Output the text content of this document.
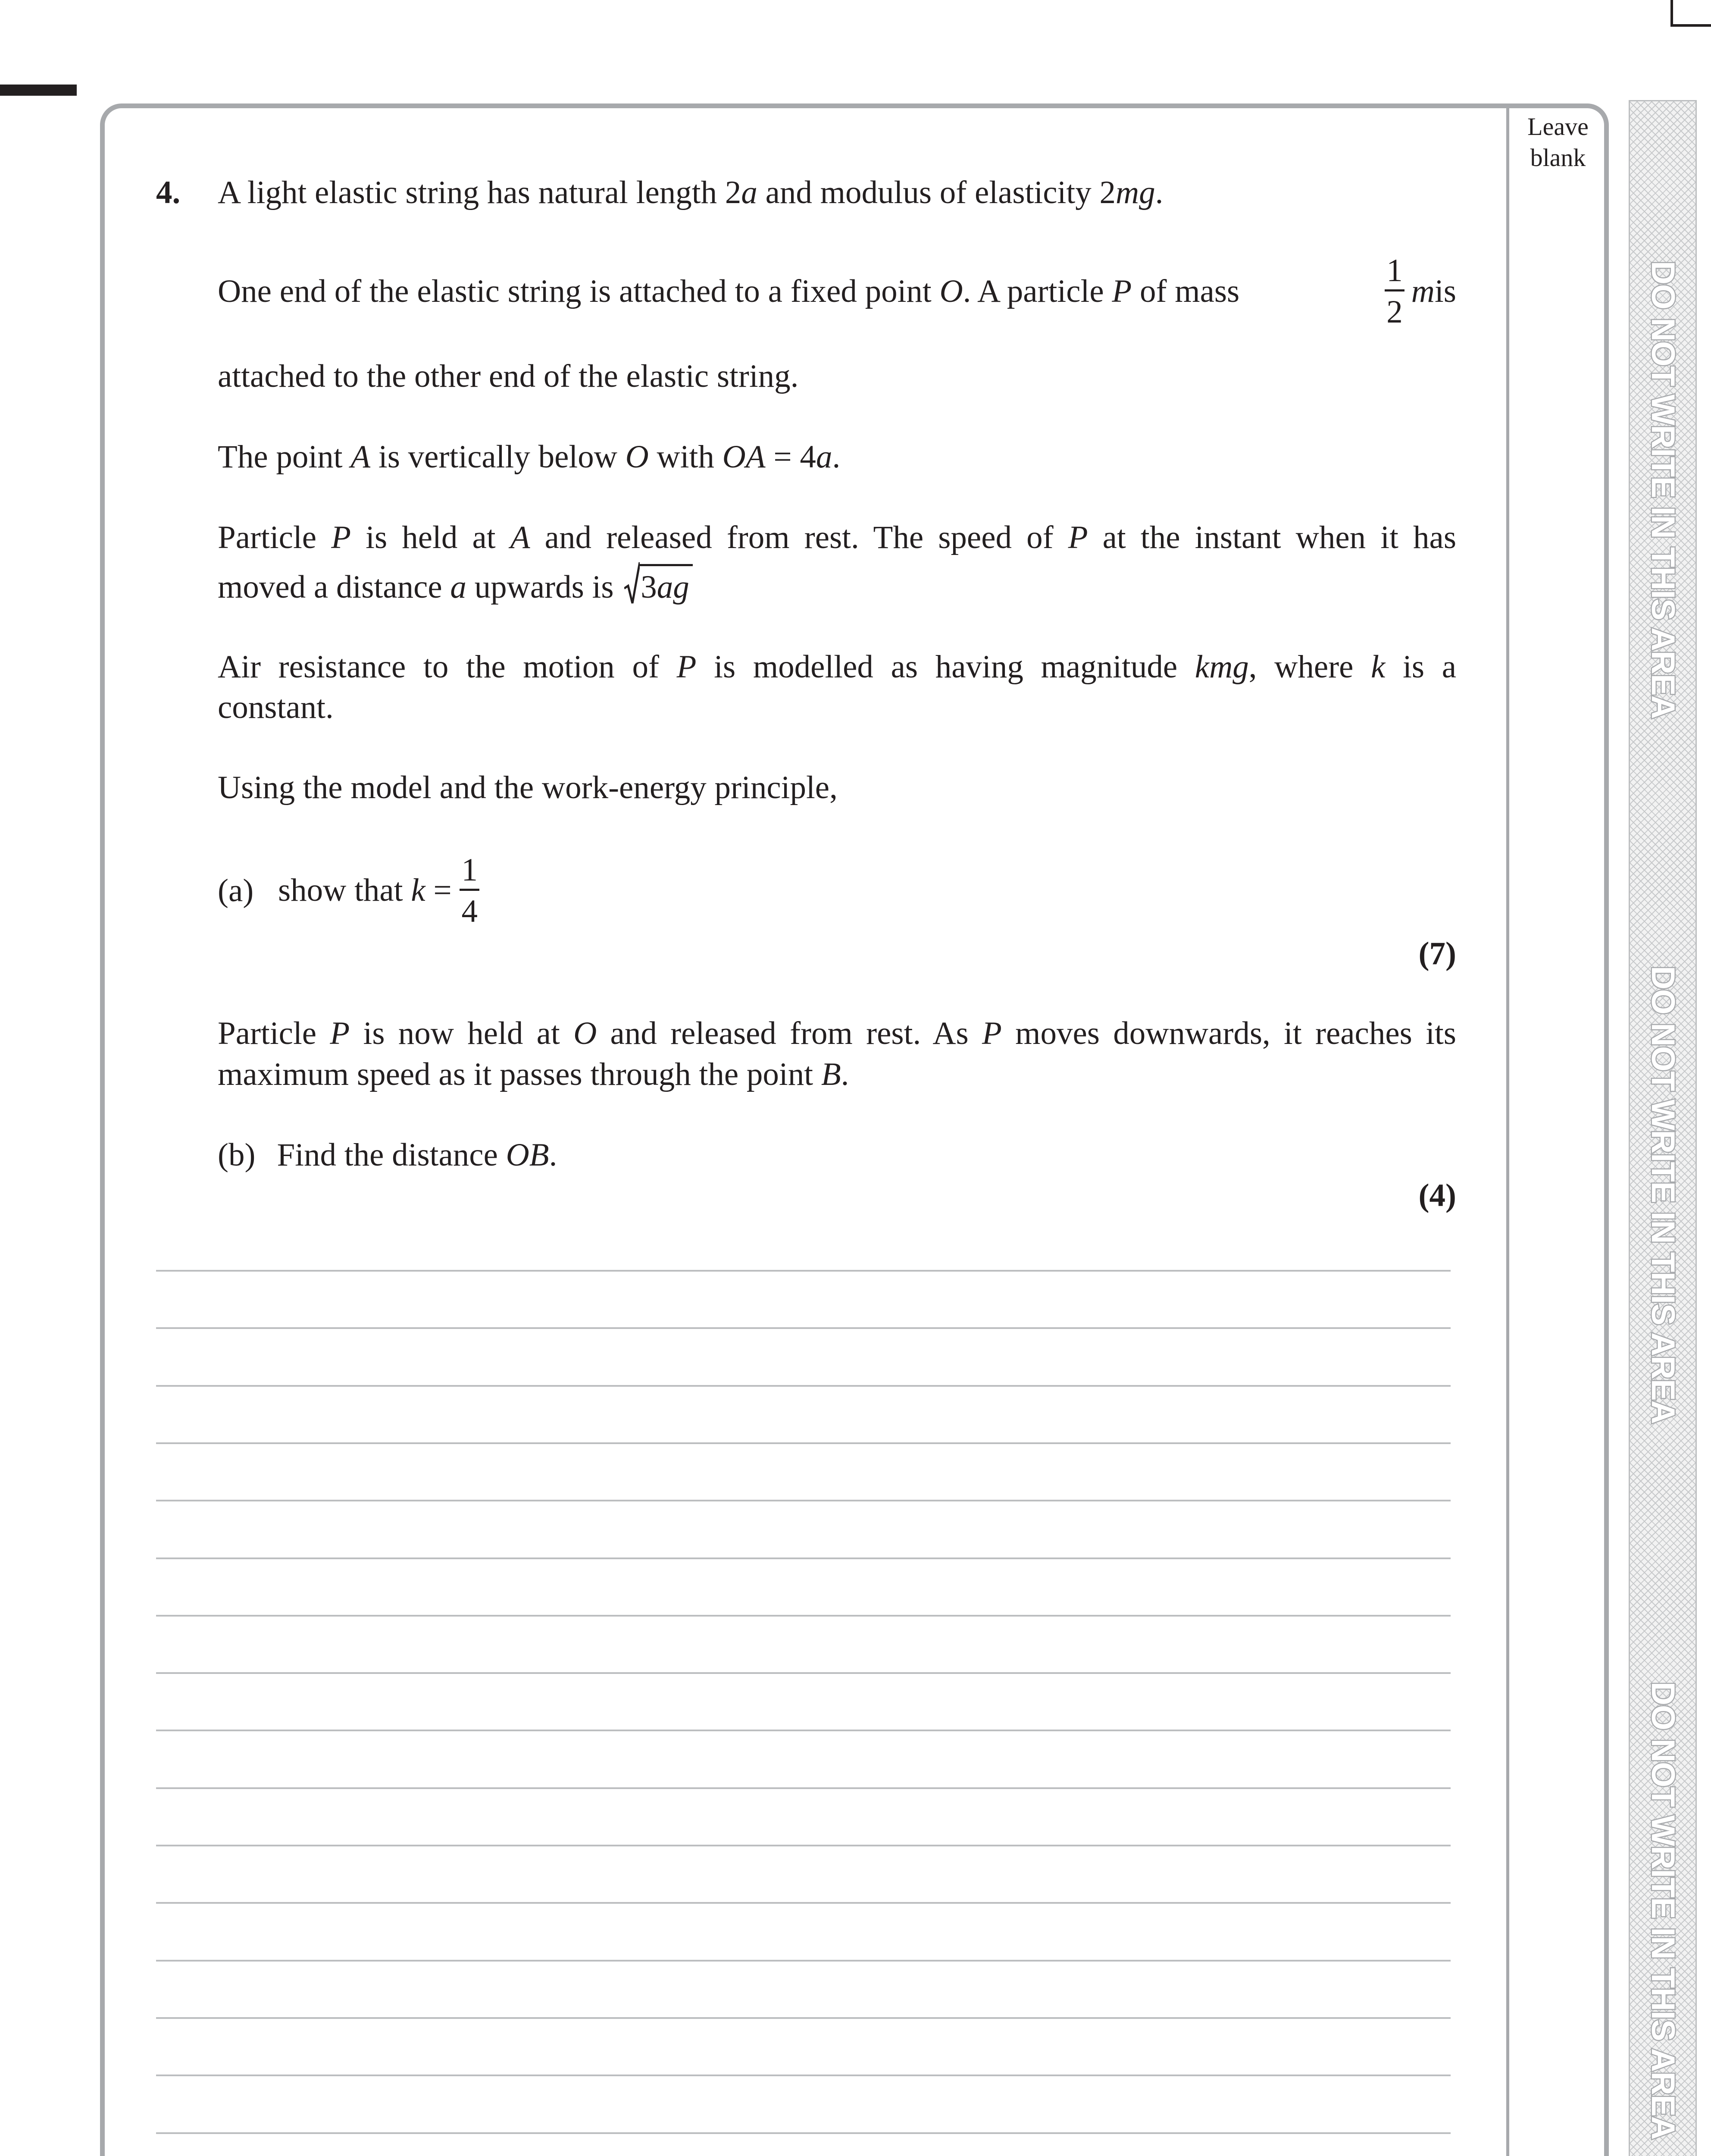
Leave blank
DO NOT WRITE IN THIS AREA
DO NOT WRITE IN THIS AREA
DO NOT WRITE IN THIS AREA
4. A light elastic string has natural length 2a and modulus of elasticity 2mg.
One end of the elastic string is attached to a fixed point O. A particle P of mass	$\frac{1}{2}$ m is
attached to the other end of the elastic string.
The point A is vertically below O with OA = 4a.
Particle P is held at A and released from rest. The speed of P at the instant when it has
moved a distance a upwards is 3ag
Air resistance to the motion of P is modelled as having magnitude kmg, where k is a
constant.
Using the model and the work-energy principle,
(a) show that $k = \frac{1}{4}$
(7)
Particle P is now held at O and released from rest. As P moves downwards, it reaches its
maximum speed as it passes through the point B.
(b) Find the distance OB.
(4)
